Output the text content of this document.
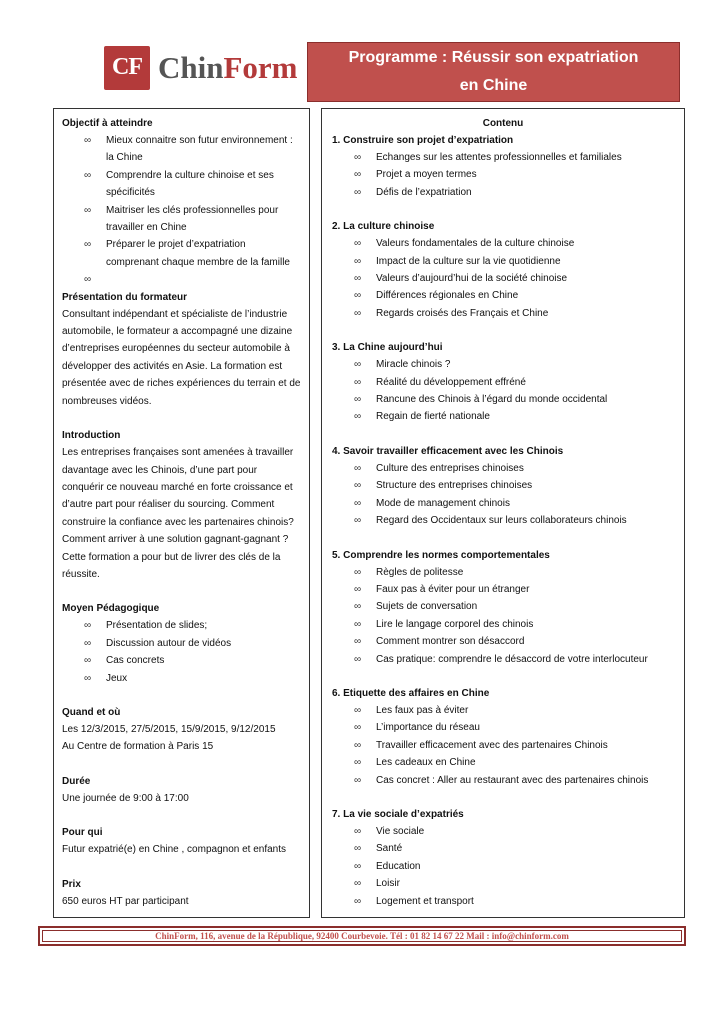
CF ChinForm	Programme : Réussir son expatriation
en Chine
Objectif à atteindre
∞ Mieux connaitre son futur environnement : la Chine
∞ Comprendre la culture chinoise et ses spécificités
∞ Maitriser les clés professionnelles pour travailler en Chine
∞ Préparer le projet d’expatriation comprenant chaque membre de la famille
∞

Présentation du formateur
Consultant indépendant et spécialiste de l’industrie automobile, le formateur a accompagné une dizaine d’entreprises européennes du secteur automobile à développer des activités en Asie. La formation est présentée avec de riches expériences du terrain et de nombreuses vidéos.
Introduction
Les entreprises françaises sont amenées à travailler davantage avec les Chinois, d’une part pour conquérir ce nouveau marché en forte croissance et d’autre part pour réaliser du sourcing. Comment construire la confiance avec les partenaires chinois? Comment arriver à une solution gagnant-gagnant ? Cette formation a pour but de livrer des clés de la réussite.
Moyen Pédagogique
∞ Présentation de slides;
∞ Discussion autour de vidéos
∞ Cas concrets
∞ Jeux
Quand et où
Les 12/3/2015, 27/5/2015, 15/9/2015, 9/12/2015
Au Centre de formation à Paris 15
Durée
Une journée de 9:00 à 17:00
Pour qui
Futur expatrié(e) en Chine , compagnon et enfants
Prix
650 euros HT par participant
Contenu
1. Construire son projet d’expatriation
∞ Echanges sur les attentes professionnelles et familiales
∞ Projet a moyen termes
∞ Défis de l’expatriation
2. La culture chinoise
∞ Valeurs fondamentales de la culture chinoise
∞ Impact de la culture sur la vie quotidienne
∞ Valeurs d’aujourd’hui de la société chinoise
∞ Différences régionales en Chine
∞ Regards croisés des Français et Chine
3. La Chine aujourd’hui
∞ Miracle chinois ?
∞ Réalité du développement effréné
∞ Rancune des Chinois à l’égard du monde occidental
∞ Regain de fierté nationale
4. Savoir travailler efficacement avec les Chinois
∞ Culture des entreprises chinoises
∞ Structure des entreprises chinoises
∞ Mode de management chinois
∞ Regard des Occidentaux sur leurs collaborateurs chinois
5. Comprendre les normes comportementales
∞ Règles de politesse
∞ Faux pas à éviter pour un étranger
∞ Sujets de conversation
∞ Lire le langage corporel des chinois
∞ Comment montrer son désaccord
∞ Cas pratique: comprendre le désaccord de votre interlocuteur
6. Etiquette des affaires en Chine
∞ Les faux pas à éviter
∞ L’importance du réseau
∞ Travailler efficacement avec des partenaires Chinois
∞ Les cadeaux en Chine
∞ Cas concret : Aller au restaurant avec des partenaires chinois
7. La vie sociale d’expatriés
∞ Vie sociale
∞ Santé
∞ Education
∞ Loisir
∞ Logement et transport
ChinForm, 116, avenue de la République, 92400 Courbevoie. Tél : 01 82 14 67 22 Mail : info@chinform.com
